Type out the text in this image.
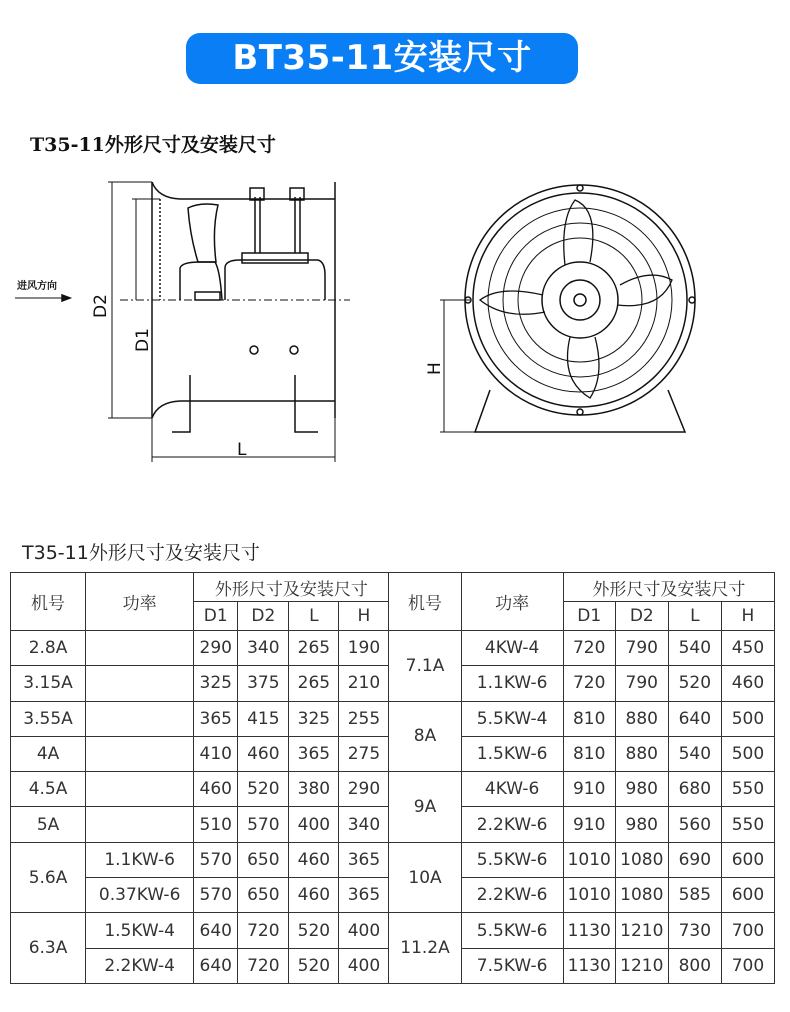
BT35-11安装尺寸
T35-11外形尺寸及安装尺寸
进风方向
D2
D1
L
H
T35-11外形尺寸及安装尺寸
机号	功率	外形尺寸及安装尺寸				机号	功率	外形尺寸及安装尺寸			
		D1	D2	L	H			D1	D2	L	H
2.8A		290	340	265	190	7.1A	4KW-4	720	790	540	450
3.15A		325	375	265	210		1.1KW-6	720	790	520	460
3.55A		365	415	325	255	8A	5.5KW-4	810	880	640	500
4A		410	460	365	275		1.5KW-6	810	880	540	500
4.5A		460	520	380	290	9A	4KW-6	910	980	680	550
5A		510	570	400	340		2.2KW-6	910	980	560	550
5.6A	1.1KW-6	570	650	460	365	10A	5.5KW-6	1010	1080	690	600
	0.37KW-6	570	650	460	365		2.2KW-6	1010	1080	585	600
6.3A	1.5KW-4	640	720	520	400	11.2A	5.5KW-6	1130	1210	730	700
	2.2KW-4	640	720	520	400		7.5KW-6	1130	1210	800	700
